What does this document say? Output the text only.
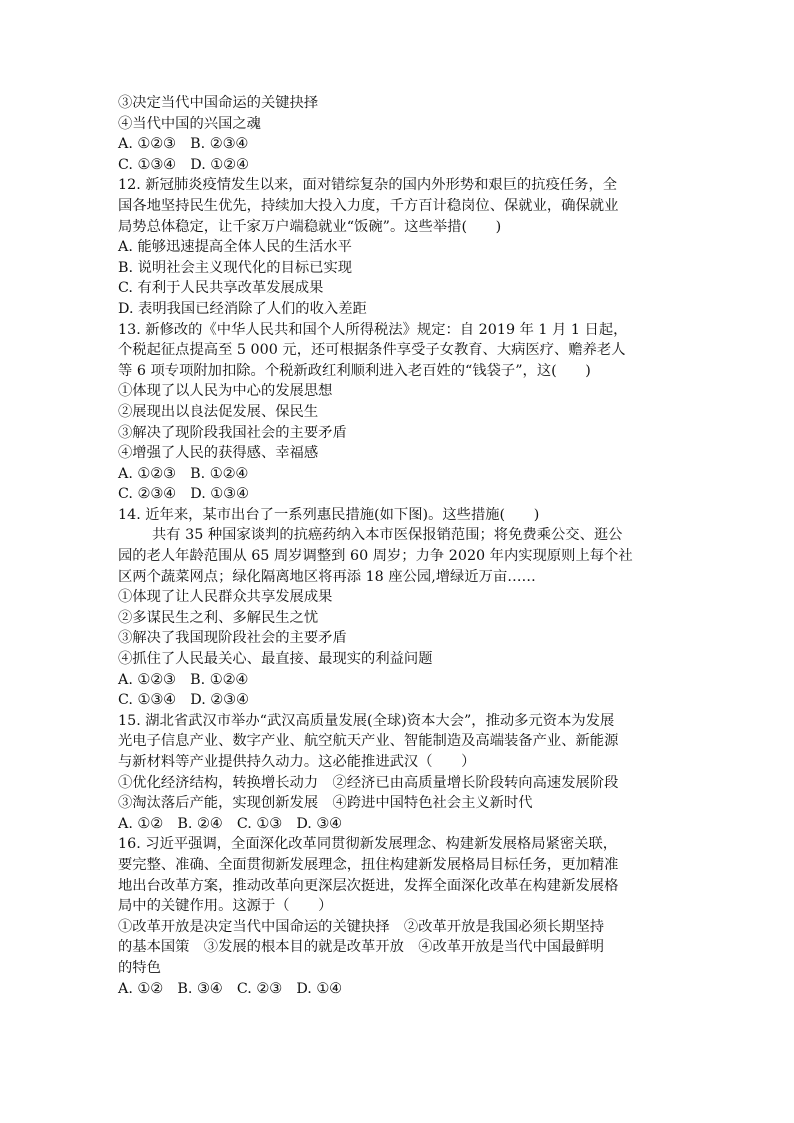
③决定当代中国命运的关键抉择
④当代中国的兴国之魂
A. ①②③　B. ②③④
C. ①③④　D. ①②④
12. 新冠肺炎疫情发生以来，面对错综复杂的国内外形势和艰巨的抗疫任务，全
国各地坚持民生优先，持续加大投入力度，千方百计稳岗位、保就业，确保就业
局势总体稳定，让千家万户端稳就业“饭碗”。这些举措(　　)
A. 能够迅速提高全体人民的生活水平
B. 说明社会主义现代化的目标已实现
C. 有利于人民共享改革发展成果
D. 表明我国已经消除了人们的收入差距
13. 新修改的《中华人民共和国个人所得税法》规定：自 2019 年 1 月 1 日起，
个税起征点提高至 5 000 元，还可根据条件享受子女教育、大病医疗、赡养老人
等 6 项专项附加扣除。个税新政红利顺利进入老百姓的“钱袋子”，这(　　)
①体现了以人民为中心的发展思想
②展现出以良法促发展、保民生
③解决了现阶段我国社会的主要矛盾
④增强了人民的获得感、幸福感
A. ①②③　B. ①②④
C. ②③④　D. ①③④
14. 近年来，某市出台了一系列惠民措施(如下图)。这些措施(　　)
共有 35 种国家谈判的抗癌药纳入本市医保报销范围；将免费乘公交、逛公
园的老人年龄范围从 65 周岁调整到 60 周岁；力争 2020 年内实现原则上每个社
区两个蔬菜网点；绿化隔离地区将再添 18 座公园,增绿近万亩……
①体现了让人民群众共享发展成果
②多谋民生之利、多解民生之忧
③解决了我国现阶段社会的主要矛盾
④抓住了人民最关心、最直接、最现实的利益问题
A. ①②③　B. ①②④
C. ①③④　D. ②③④
15. 湖北省武汉市举办“武汉高质量发展(全球)资本大会”，推动多元资本为发展
光电子信息产业、数字产业、航空航天产业、智能制造及高端装备产业、新能源
与新材料等产业提供持久动力。这必能推进武汉（　　）
①优化经济结构，转换增长动力　②经济已由高质量增长阶段转向高速发展阶段
③淘汰落后产能，实现创新发展　④跨进中国特色社会主义新时代
A. ①②　B. ②④　C. ①③　D. ③④
16. 习近平强调，全面深化改革同贯彻新发展理念、构建新发展格局紧密关联，
要完整、准确、全面贯彻新发展理念，扭住构建新发展格局目标任务，更加精准
地出台改革方案，推动改革向更深层次挺进，发挥全面深化改革在构建新发展格
局中的关键作用。这源于（　　）
①改革开放是决定当代中国命运的关键抉择　②改革开放是我国必须长期坚持
的基本国策　③发展的根本目的就是改革开放　④改革开放是当代中国最鲜明
的特色
A. ①②　B. ③④　C. ②③　D. ①④
